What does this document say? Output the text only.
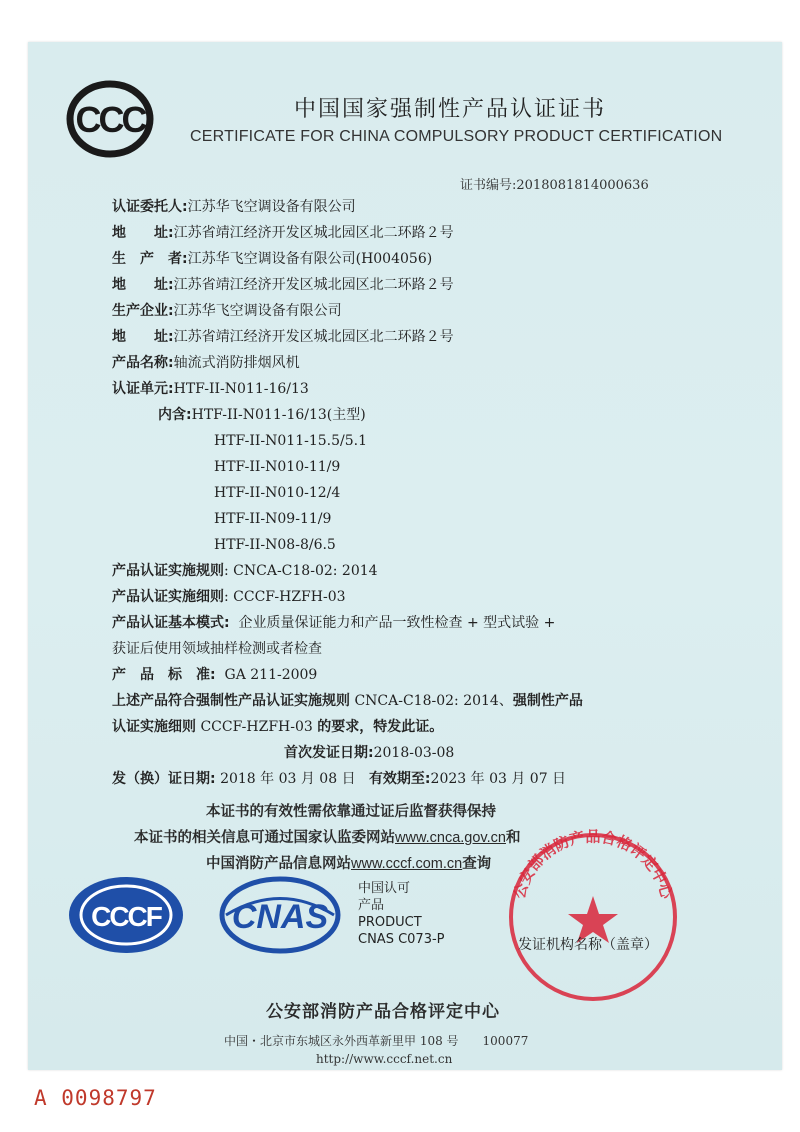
CCC	中国国家强制性产品认证证书
CERTIFICATE FOR CHINA COMPULSORY PRODUCT CERTIFICATION
证书编号:2018081814000636
认证委托人:江苏华飞空调设备有限公司
地　　址:江苏省靖江经济开发区城北园区北二环路２号
生　产　者:江苏华飞空调设备有限公司(H004056)
地　　址:江苏省靖江经济开发区城北园区北二环路２号
生产企业:江苏华飞空调设备有限公司
地　　址:江苏省靖江经济开发区城北园区北二环路２号
产品名称:轴流式消防排烟风机
认证单元:HTF-II-N011-16/13
内含:HTF-II-N011-16/13(主型)
HTF-II-N011-15.5/5.1
HTF-II-N010-11/9
HTF-II-N010-12/4
HTF-II-N09-11/9
HTF-II-N08-8/6.5
产品认证实施规则: CNCA-C18-02: 2014
产品认证实施细则: CCCF-HZFH-03
产品认证基本模式: 企业质量保证能力和产品一致性检查 + 型式试验 +
获证后使用领域抽样检测或者检查
产　品　标　准: GA 211-2009
上述产品符合强制性产品认证实施规则 CNCA-C18-02: 2014、强制性产品
认证实施细则 CCCF-HZFH-03 的要求，特发此证。
首次发证日期:2018-03-08
发（换）证日期: 2018 年 03 月 08 日 有效期至:2023 年 03 月 07 日
本证书的有效性需依靠通过证后监督获得保持
本证书的相关信息可通过国家认监委网站www.cnca.gov.cn和
中国消防产品信息网站www.cccf.com.cn查询
CCCF CNAS
中国认可
产品
PRODUCT
CNAS C073-P
公安部消防产品合格评定中心
发证机构名称（盖章）
公安部消防产品合格评定中心
中国・北京市东城区永外西革新里甲 108 号　　100077
http://www.cccf.net.cn
A 0098797
